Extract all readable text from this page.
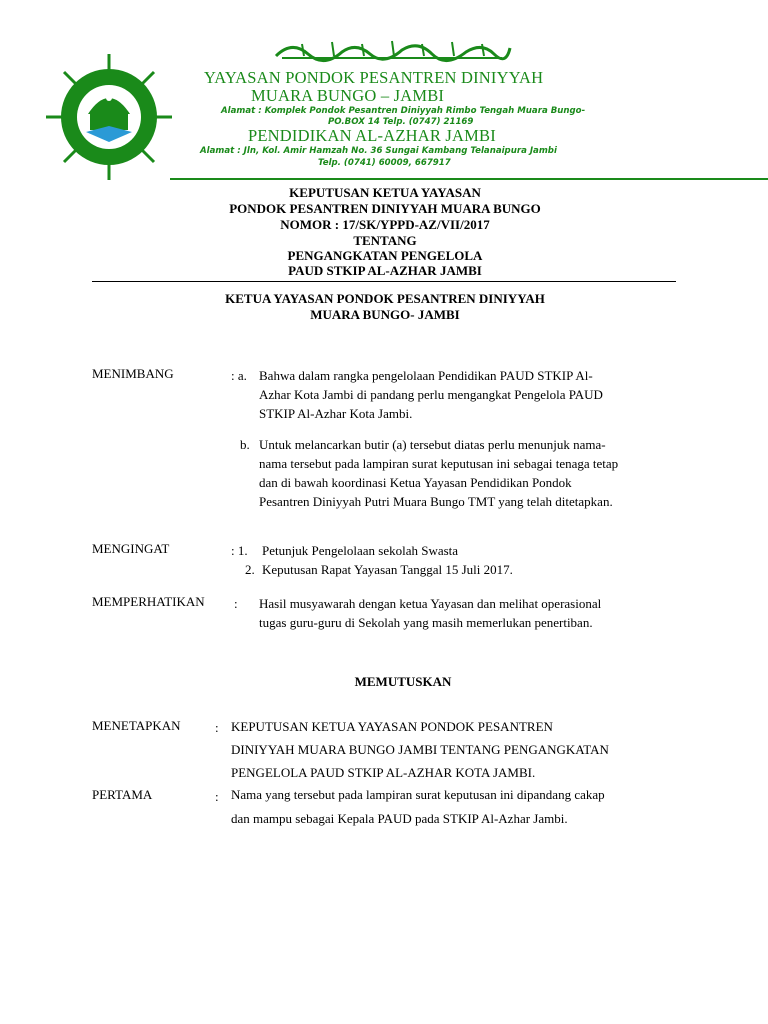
YAYASAN PONDOK PESANTREN DINIYYAH
MUARA BUNGO – JAMBI
Alamat : Komplek Pondok Pesantren Diniyyah Rimbo Tengah Muara Bungo-
PO.BOX 14 Telp. (0747) 21169
PENDIDIKAN AL-AZHAR JAMBI
Alamat : Jln, Kol. Amir Hamzah No. 36 Sungai Kambang Telanaipura Jambi
Telp. (0741) 60009, 667917
KEPUTUSAN KETUA YAYASAN
PONDOK PESANTREN DINIYYAH MUARA BUNGO
NOMOR : 17/SK/YPPD-AZ/VII/2017
TENTANG
PENGANGKATAN PENGELOLA
PAUD STKIP AL-AZHAR JAMBI
KETUA YAYASAN PONDOK PESANTREN DINIYYAH
MUARA BUNGO- JAMBI
MENIMBANG	: a. Bahwa dalam rangka pengelolaan Pendidikan PAUD STKIP Al-
Azhar Kota Jambi di pandang perlu mengangkat Pengelola PAUD
STKIP Al-Azhar Kota Jambi.
b. Untuk melancarkan butir (a) tersebut diatas perlu menunjuk nama-
nama tersebut pada lampiran surat keputusan ini sebagai tenaga tetap
dan di bawah koordinasi Ketua Yayasan Pendidikan Pondok
Pesantren Diniyyah Putri Muara Bungo TMT yang telah ditetapkan.
MENGINGAT	: 1. Petunjuk Pengelolaan sekolah Swasta
2. Keputusan Rapat Yayasan Tanggal 15 Juli 2017.
MEMPERHATIKAN : Hasil musyawarah dengan ketua Yayasan dan melihat operasional
tugas guru-guru di Sekolah yang masih memerlukan penertiban.
MEMUTUSKAN
MENETAPKAN	: KEPUTUSAN KETUA YAYASAN PONDOK PESANTREN
DINIYYAH MUARA BUNGO JAMBI TENTANG PENGANGKATAN
PENGELOLA PAUD STKIP AL-AZHAR KOTA JAMBI.
PERTAMA	: Nama yang tersebut pada lampiran surat keputusan ini dipandang cakap
dan mampu sebagai Kepala PAUD pada STKIP Al-Azhar Jambi.
